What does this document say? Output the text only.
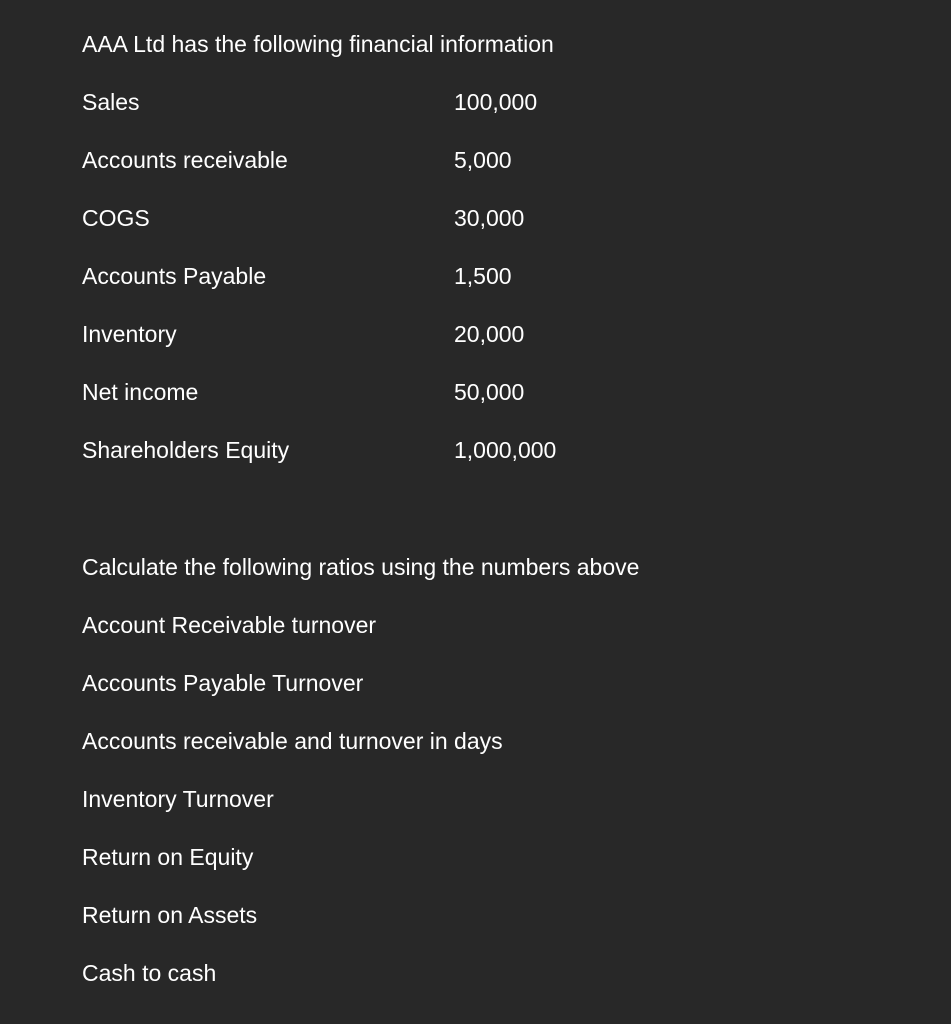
AAA Ltd has the following financial information
Sales	100,000
Accounts receivable	5,000
COGS	30,000
Accounts Payable	1,500
Inventory	20,000
Net income	50,000
Shareholders Equity	1,000,000
Calculate the following ratios using the numbers above
Account Receivable turnover
Accounts Payable Turnover
Accounts receivable and turnover in days
Inventory Turnover
Return on Equity
Return on Assets
Cash to cash
